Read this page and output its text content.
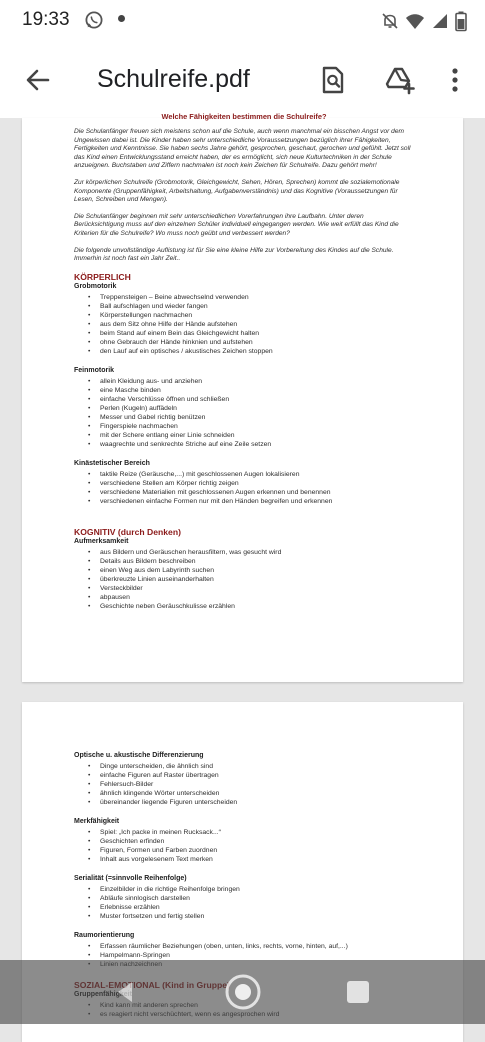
19:33
Schulreife.pdf
Welche Fähigkeiten bestimmen die Schulreife?

Die Schulanfänger freuen sich meistens schon auf die Schule, auch wenn manchmal ein bisschen Angst vor dem Ungewissen dabei ist. Die Kinder haben sehr unterschiedliche Voraussetzungen bezüglich ihrer Fähigkeiten, Fertigkeiten und Kenntnisse. Sie haben sechs Jahre gehört, gesprochen, geschaut, gerochen und gefühlt. Jetzt soll das Kind einen Entwicklungsstand erreicht haben, der es ermöglicht, sich neue Kulturtechniken in der Schule anzueignen. Buchstaben und Ziffern nachmalen ist noch kein Zeichen für Schulreife. Dazu gehört mehr!

Zur körperlichen Schulreife (Grobmotorik, Gleichgewicht, Sehen, Hören, Sprechen) kommt die sozialemotionale Komponente (Gruppenfähigkeit, Arbeitshaltung, Aufgabenverständnis) und das Kognitive (Voraussetzungen für Lesen, Schreiben und Mengen).

Die Schulanfänger beginnen mit sehr unterschiedlichen Vorerfahrungen ihre Laufbahn. Unter deren Berücksichtigung muss auf den einzelnen Schüler individuell eingegangen werden. Wie weit erfüllt das Kind die Kriterien für die Schulreife? Wo muss noch geübt und verbessert werden?

Die folgende unvollständige Auflistung ist für Sie eine kleine Hilfe zur Vorbereitung des Kindes auf die Schule. Immerhin ist noch fast ein Jahr Zeit..

KÖRPERLICH
Grobmotorik
• Treppensteigen – Beine abwechselnd verwenden
• Ball aufschlagen und wieder fangen
• Körperstellungen nachmachen
• aus dem Sitz ohne Hilfe der Hände aufstehen
• beim Stand auf einem Bein das Gleichgewicht halten
• ohne Gebrauch der Hände hinknien und aufstehen
• den Lauf auf ein optisches / akustisches Zeichen stoppen
Feinmotorik
• allein Kleidung aus- und anziehen
• eine Masche binden
• einfache Verschlüsse öffnen und schließen
• Perlen (Kugeln) auffädeln
• Messer und Gabel richtig benützen
• Fingerspiele nachmachen
• mit der Schere entlang einer Linie schneiden
• waagrechte und senkrechte Striche auf eine Zeile setzen
Kinästetischer Bereich
• taktile Reize (Geräusche,...) mit geschlossenen Augen lokalisieren
• verschiedene Stellen am Körper richtig zeigen
• verschiedene Materialien mit geschlossenen Augen erkennen und benennen
• verschiedenen einfache Formen nur mit den Händen begreifen und erkennen
KOGNITIV (durch Denken)
Aufmerksamkeit
• aus Bildern und Geräuschen herausfiltern, was gesucht wird
• Details aus Bildern beschreiben
• einen Weg aus dem Labyrinth suchen
• überkreuzte Linien auseinanderhalten
• Versteckbilder
• abpausen
• Geschichte neben Geräuschkulisse erzählen
Optische u. akustische Differenzierung
• Dinge unterscheiden, die ähnlich sind
• einfache Figuren auf Raster übertragen
• Fehlersuch-Bilder
• ähnlich klingende Wörter unterscheiden
• übereinander liegende Figuren unterscheiden
Merkfähigkeit
• Spiel: „Ich packe in meinen Rucksack...“
• Geschichten erfinden
• Figuren, Formen und Farben zuordnen
• Inhalt aus vorgelesenem Text merken
Serialität (=sinnvolle Reihenfolge)
• Einzelbilder in die richtige Reihenfolge bringen
• Abläufe sinnlogisch darstellen
• Erlebnisse erzählen
• Muster fortsetzen und fertig stellen
Raumorientierung
• Erfassen räumlicher Beziehungen (oben, unten, links, rechts, vorne, hinten, auf,...)
• Hampelmann-Springen
•
•
•
